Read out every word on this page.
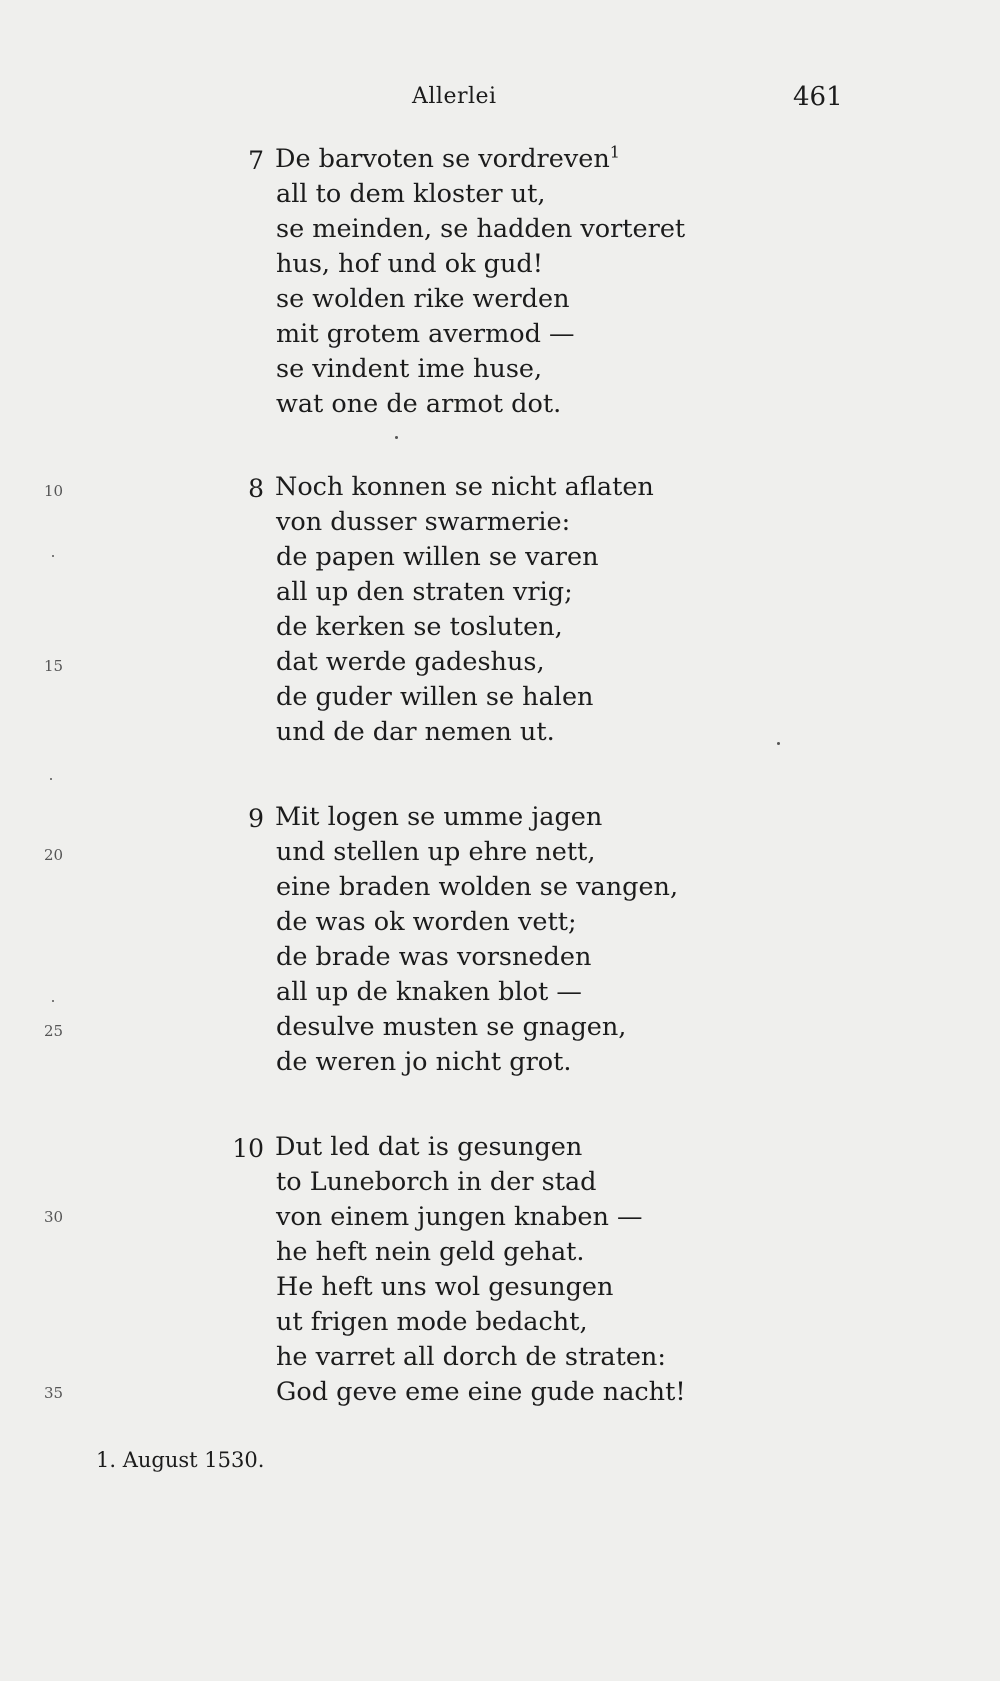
Allerlei	461
7 De barvoten se vordreven$^1$
all to dem kloster ut,
se meinden, se hadden vorteret
hus, hof und ok gud!
se wolden rike werden
mit grotem avermod —
se vindent ime huse,
wat one de armot dot.
8 Noch konnen se nicht aflaten
von dusser swarmerie:
de papen willen se varen
all up den straten vrig;
de kerken se tosluten,
dat werde gadeshus,
de guder willen se halen
und de dar nemen ut.
9 Mit logen se umme jagen
und stellen up ehre nett,
eine braden wolden se vangen,
de was ok worden vett;
de brade was vorsneden
all up de knaken blot —
desulve musten se gnagen,
de weren jo nicht grot.
10 Dut led dat is gesungen
to Luneborch in der stad
von einem jungen knaben —
he heft nein geld gehat.
He heft uns wol gesungen
ut frigen mode bedacht,
he varret all dorch de straten:
God geve eme eine gude nacht!
10
15
20
25
30
35
1. August 1530.
